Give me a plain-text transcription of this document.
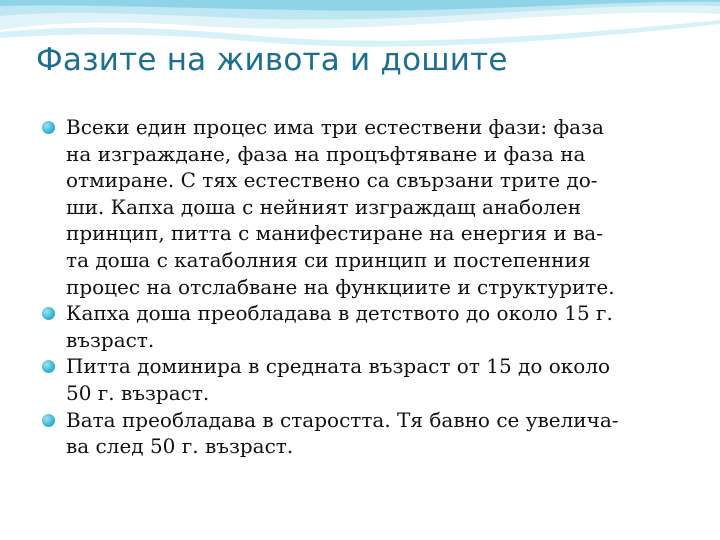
Фазите на живота и дошите

Всеки един процес има три естествени фази: фаза
на изграждане, фаза на процъфтяване и фаза на
отмиране. С тях естествено са свързани трите до-
ши. Капха доша с нейният изграждащ анаболен
принцип, питта с манифестиране на енергия и ва-
та доша с катаболния си принцип и постепенния
процес на отслабване на функциите и структурите.

Капха доша преобладава в детството до около 15 г.
възраст.

Питта доминира в средната възраст от 15 до около
50 г. възраст.

Вата преобладава в старостта. Тя бавно се увелича-
ва след 50 г. възраст.
